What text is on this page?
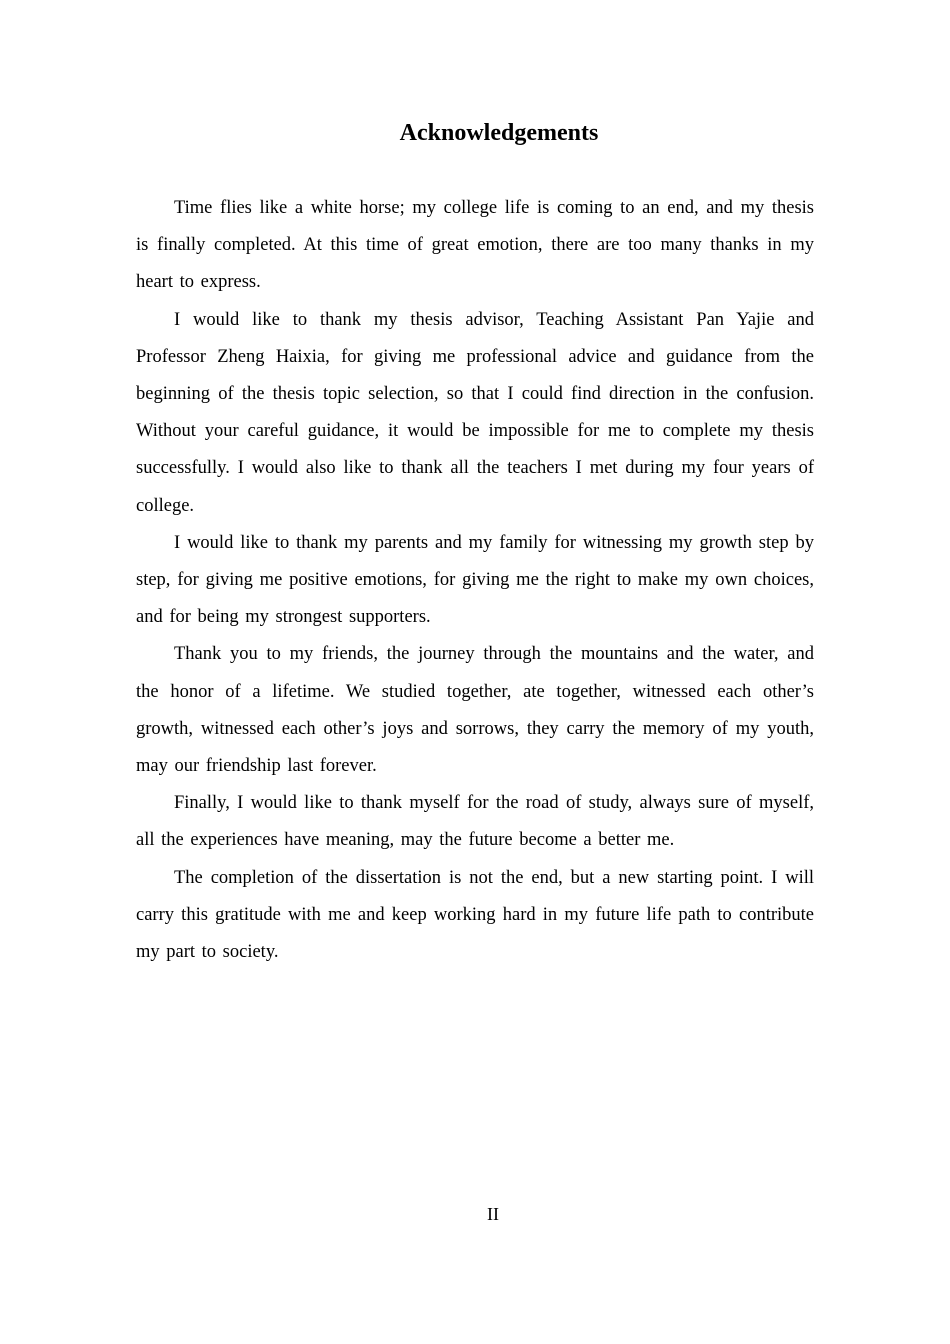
Acknowledgements

Time flies like a white horse; my college life is coming to an end, and my thesis is finally completed. At this time of great emotion, there are too many thanks in my heart to express.

I would like to thank my thesis advisor, Teaching Assistant Pan Yajie and Professor Zheng Haixia, for giving me professional advice and guidance from the beginning of the thesis topic selection, so that I could find direction in the confusion. Without your careful guidance, it would be impossible for me to complete my thesis successfully. I would also like to thank all the teachers I met during my four years of college.

I would like to thank my parents and my family for witnessing my growth step by step, for giving me positive emotions, for giving me the right to make my own choices, and for being my strongest supporters.

Thank you to my friends, the journey through the mountains and the water, and the honor of a lifetime. We studied together, ate together, witnessed each other’s growth, witnessed each other’s joys and sorrows, they carry the memory of my youth, may our friendship last forever.

Finally, I would like to thank myself for the road of study, always sure of myself, all the experiences have meaning, may the future become a better me.

The completion of the dissertation is not the end, but a new starting point. I will carry this gratitude with me and keep working hard in my future life path to contribute my part to society.

II
